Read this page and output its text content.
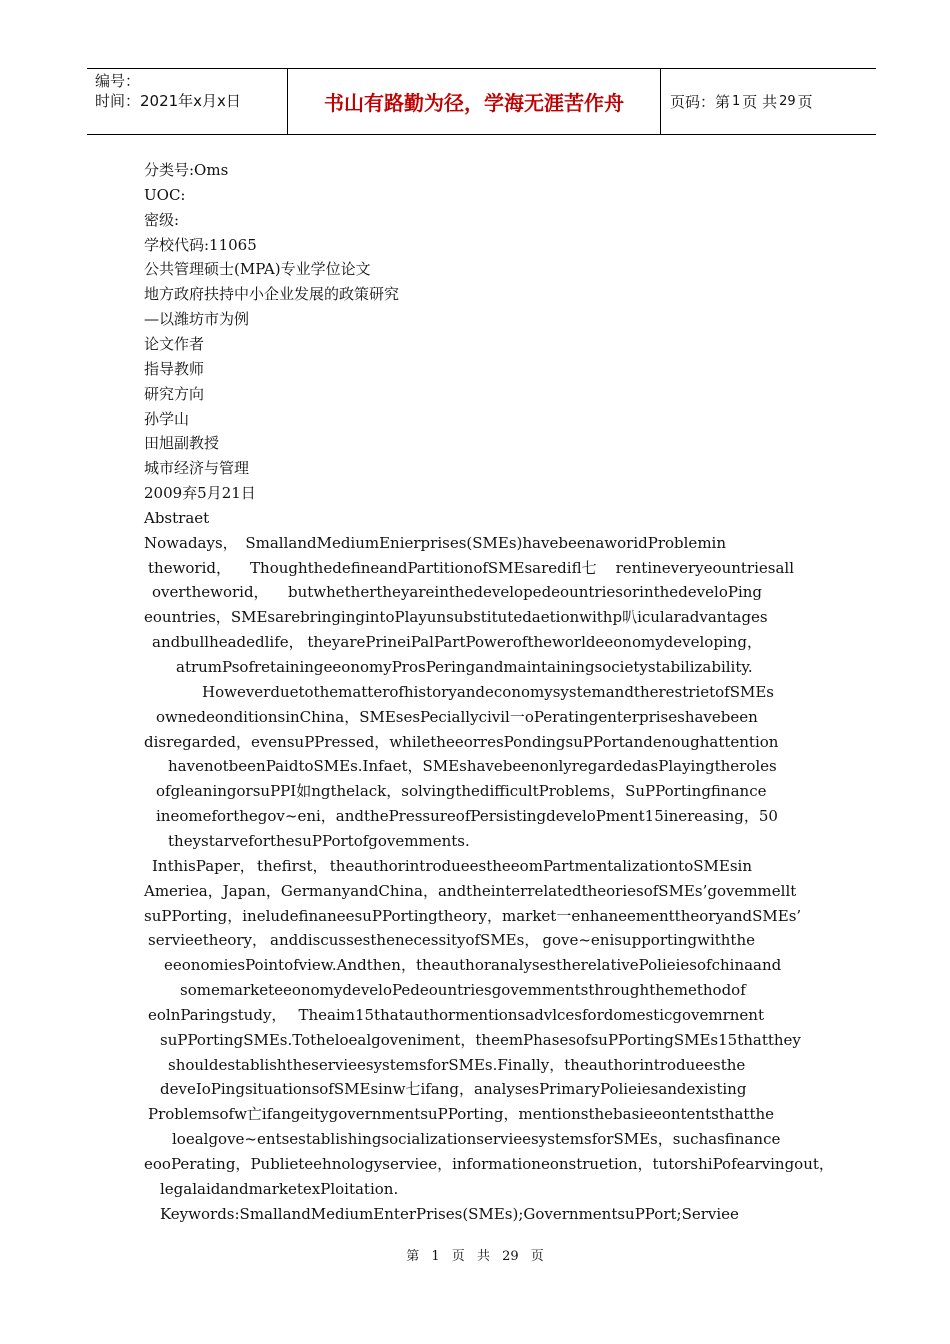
编号：
时间：2021年x月x日	书山有路勤为径，学海无涯苦作舟	页码：第 1 页 共 29 页
分类号:Oms
UOC:
密级:
学校代码:11065
公共管理硕士(MPA)专业学位论文
地方政府扶持中小企业发展的政策研究
—以潍坊市为例
论文作者
指导教师
研究方向
孙学山
田旭副教授
城市经济与管理
2009弃5月21日
Abstraet
Nowadays， SmallandMediumEnierprises(SMEs)havebeenaworidProblemin
theworid， ThoughthedefineandPartitionofSMEsaredifl七 rentineveryeountriesall
overtheworid， butwhethertheyareinthedevelopedeountriesorinthedeveloPing
eountries， SMEsarebringingintoPlayunsubstitutedaetionwithp叭 icularadvantages
andbullheadedlife， theyarePrineiPalPartPoweroftheworldeeonomydeveloping，
atrumPsofretainingeeonomyProsPeringandmaintainingsocietystabilizability.
HoweverduetothematterofhistoryandeconomysystemandtherestrietofSMEs
ownedeonditionsinChina， SMEsesPeciallycivil一 oPeratingenterpriseshavebeen
disregarded， evensuPPressed， whiletheeorresPondingsuPPortandenoughattention
havenotbeenPaidtoSMEs.Infaet， SMEshavebeenonlyregardedasPlayingtheroles
ofgleaningorsuPPI如 ngthelack， solvingthedifficultProblems， SuPPortingfinance
ineomeforthegov~eni， andthePressureofPersistingdeveloPment15inereasing，50
theystarveforthesuPPortofgovemments.
InthisPaper， thefirst， theauthorintrodueestheeomPartmentalizationtoSMEsin
Ameriea，Japan， GermanyandChina， andtheinterrelatedtheoriesofSMEs’govemmellt
suPPorting， ineludefinaneesuPPortingtheory，market一 enhaneementtheoryandSMEs’
servieetheory， anddiscussesthenecessityofSMEs， gove~enisupportingwiththe
eeonomiesPointofview.Andthen， theauthoranalysestherelativePolieiesofchinaand
somemarketeeonomydeveloPedeountriesgovemmentsthroughthemethodof
eolnParingstudy， Theaim15thatauthormentionsadvlcesfordomesticgovemrnent
suPPortingSMEs.Totheloealgoveniment， theemPhasesofsuPPortingSMEs15thatthey
shouldestablishtheservieesystemsforSMEs.Finally， theauthorintrodueesthe
deveIoPingsituationsofSMEsinw七ifang， analysesPrimaryPolieiesandexisting
Problemsofw亡 ifangeitygovernmentsuPPorting， mentionsthebasieeontentsthatthe
loealgove~entsestablishingsocializationservieesystemsforSMEs， suchasfinance
eooPerating， Publieteehnologyserviee， informationeonstruetion， tutorshiPofearvingout，
legalaidandmarketexPloitation.
Keywords:SmallandMediumEnterPrises(SMEs);GovernmentsuPPort;Serviee
第 1 页 共 29 页
